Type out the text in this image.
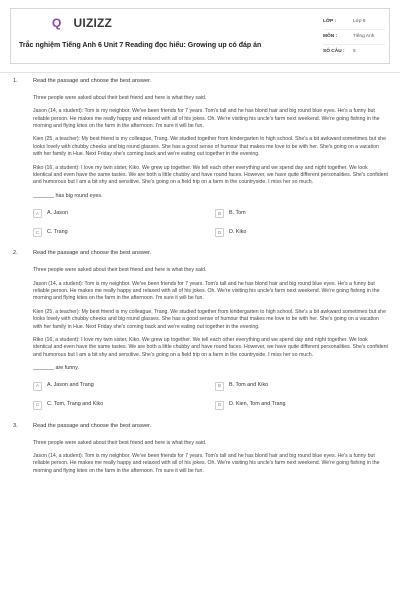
Q UIZIZZ
Trắc nghiệm Tiếng Anh 6 Unit 7 Reading đọc hiểu: Growing up có đáp án
LỚP :	Lớp 6
MÔN :	Tiếng Anh
SỐ CÂU :	5
1.	Read the passage and choose the best answer.
Three people were asked about their best friend and here is what they said.
Jason (14, a student): Tom is my neighbor. We've been friends for 7 years. Tom's tall and he has blond hair and big round blue eyes. He's a funny but reliable person. He makes me really happy and relaxed with all of his jokes. Oh. We're visiting his uncle's farm next weekend. We're going fishing in the morning and flying kites on the farm in the afternoon. I'm sure it will be fun.
Kien (25, a teacher): My best friend is my colleague, Trang. We studied together from kindergarten to high school. She's a bit awkward sometimes but she looks lovely with chubby cheeks and big round glasses. She has a good sense of humour that makes me love to be with her. She's going on a vacation with her family in Hue. Next Friday she's coming back and we're eating out together in the evening.
Riko (16, a student): I love my twin sister, Kiko. We grew up together. We tell each other everything and we spend day and night together. We look identical and even have the same tastes. We are both a little chubby and have round faces. However, we have quite different personalities. She's confident and humorous but I am a bit shy and sensitive. She's going on a field trip on a farm in the countryside. I miss her so much.
_______ has big round eyes.
A	A. Jason	B	B. Tom
C	C. Trang	D	D. Kiko
2.	Read the passage and choose the best answer.
Three people were asked about their best friend and here is what they said.
Jason (14, a student): Tom is my neighbor. We've been friends for 7 years. Tom's tall and he has blond hair and big round blue eyes. He's a funny but reliable person. He makes me really happy and relaxed with all of his jokes. Oh. We're visiting his uncle's farm next weekend. We're going fishing in the morning and flying kites on the farm in the afternoon. I'm sure it will be fun.
Kien (25, a teacher): My best friend is my colleague, Trang. We studied together from kindergarten to high school. She's a bit awkward sometimes but she looks lovely with chubby cheeks and big round glasses. She has a good sense of humour that makes me love to be with her. She's going on a vacation with her family in Hue. Next Friday she's coming back and we're eating out together in the evening.
Riko (16, a student): I love my twin sister, Kiko. We grew up together. We tell each other everything and we spend day and night together. We look identical and even have the same tastes. We are both a little chubby and have round faces. However, we have quite different personalities. She's confident and humorous but I am a bit shy and sensitive. She's going on a field trip on a farm in the countryside. I miss her so much.
_______ are funny.
A	A. Jason and Trang	B	B. Tom and Kiko
C	C. Tom, Trang and Kiko	D	D. Kien, Tom and Trang
3.	Read the passage and choose the best answer.
Three people were asked about their best friend and here is what they said.
Jason (14, a student): Tom is my neighbor. We've been friends for 7 years. Tom's tall and he has blond hair and big round blue eyes. He's a funny but reliable person. He makes me really happy and relaxed with all of his jokes. Oh. We're visiting his uncle's farm next weekend. We're going fishing in the morning and flying kites on the farm in the afternoon. I'm sure it will be fun.
